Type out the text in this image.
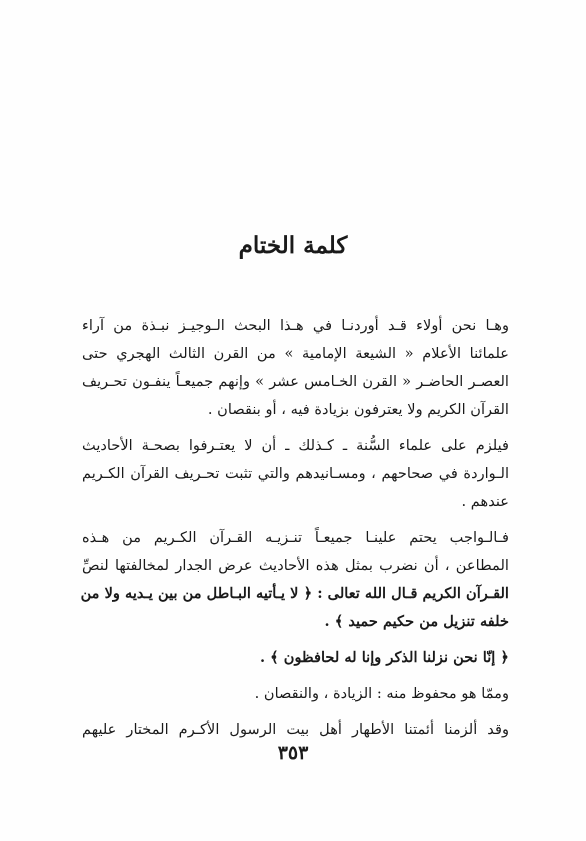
كلمة الختام
وهـا نحن أولاء قـد أوردنـا في هـذا البحث الـوجيـز نبـذة من آراء
علمائنا الأعلام « الشيعة الإمامية » من القرن الثالث الهجري حتى
العصـر الحاضـر « القرن الخـامس عشر » وإنهم جميعـاً ينفـون تحـريف
القرآن الكريم ولا يعترفون بزيادة فيه ، أو بنقصان .
فيلزم على علماء السُّنة ـ كـذلك ـ أن لا يعتـرفوا بصحـة الأحاديث
الـواردة في صحاحهم ، ومسـانيدهم والتي تثبت تحـريف القرآن الكـريم
عندهم .
فـالـواجب يحتم علينـا جميعـاً تنـزيـه القـرآن الكـريم من هـذه
المطاعن ، أن نضرب بمثل هذه الأحاديث عرض الجدار لمخالفتها لنصِّ
القـرآن الكريم قـال الله تعالى : ﴿ لا يـأتيه البـاطل من بين يـديه ولا من
خلفه تنزيل من حكيم حميد ﴾ .
﴿ إنّا نحن نزلنا الذكر وإنا له لحافظون ﴾ .
وممّا هو محفوظ منه : الزيادة ، والنقصان .
وقد ألزمنا أئمتنا الأطهار أهل بيت الرسول الأكـرم المختار عليهم
٣٥٣
